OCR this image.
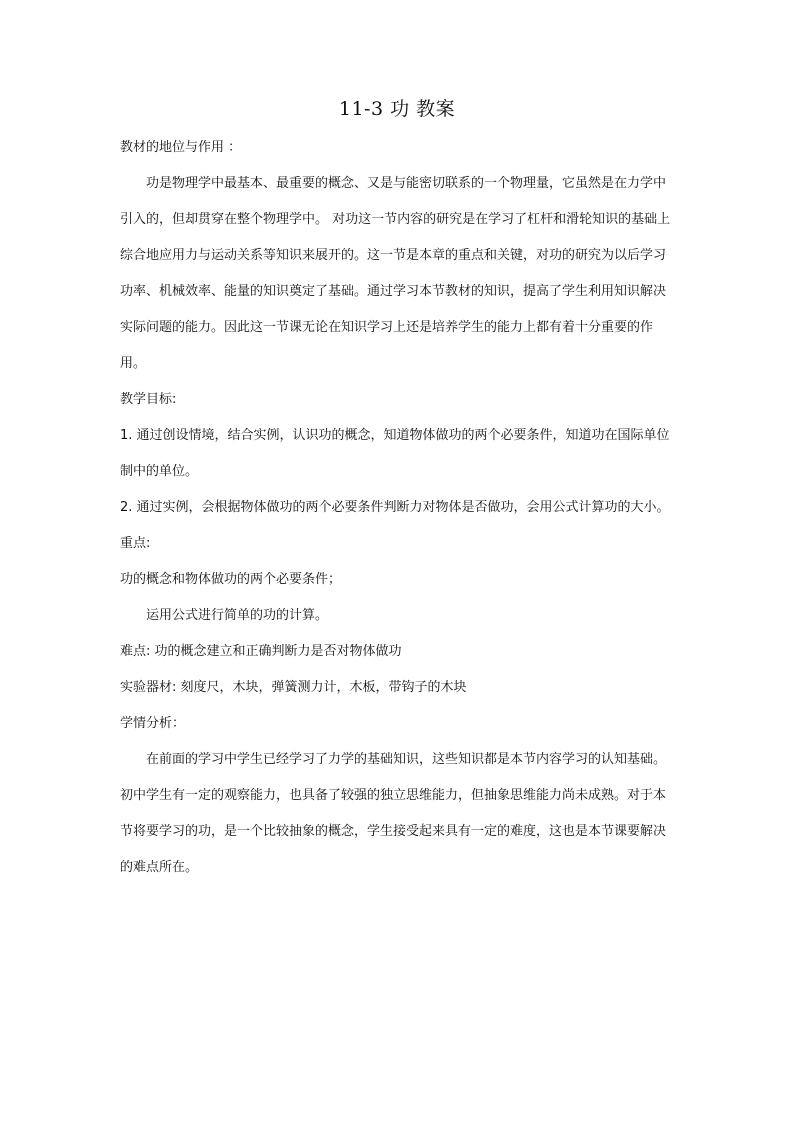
11-3 功 教案

教材的地位与作用 ：

功是物理学中最基本、最重要的概念、又是与能密切联系的一个物理量，它虽然是在力学中引入的，但却贯穿在整个物理学中。 对功这一节内容的研究是在学习了杠杆和滑轮知识的基础上综合地应用力与运动关系等知识来展开的。这一节是本章的重点和关键，对功的研究为以后学习功率、机械效率、能量的知识奠定了基础。通过学习本节教材的知识，提高了学生利用知识解决实际问题的能力。因此这一节课无论在知识学习上还是培养学生的能力上都有着十分重要的作用。

教学目标:

1. 通过创设情境，结合实例，认识功的概念，知道物体做功的两个必要条件，知道功在国际单位制中的单位。

2. 通过实例，会根据物体做功的两个必要条件判断力对物体是否做功，会用公式计算功的大小。

重点:

功的概念和物体做功的两个必要条件；

运用公式进行简单的功的计算。

难点: 功的概念建立和正确判断力是否对物体做功

实验器材: 刻度尺，木块，弹簧测力计，木板，带钩子的木块

学情分析：

在前面的学习中学生已经学习了力学的基础知识，这些知识都是本节内容学习的认知基础。初中学生有一定的观察能力，也具备了较强的独立思维能力，但抽象思维能力尚未成熟。对于本节将要学习的功，是一个比较抽象的概念，学生接受起来具有一定的难度，这也是本节课要解决的难点所在。
